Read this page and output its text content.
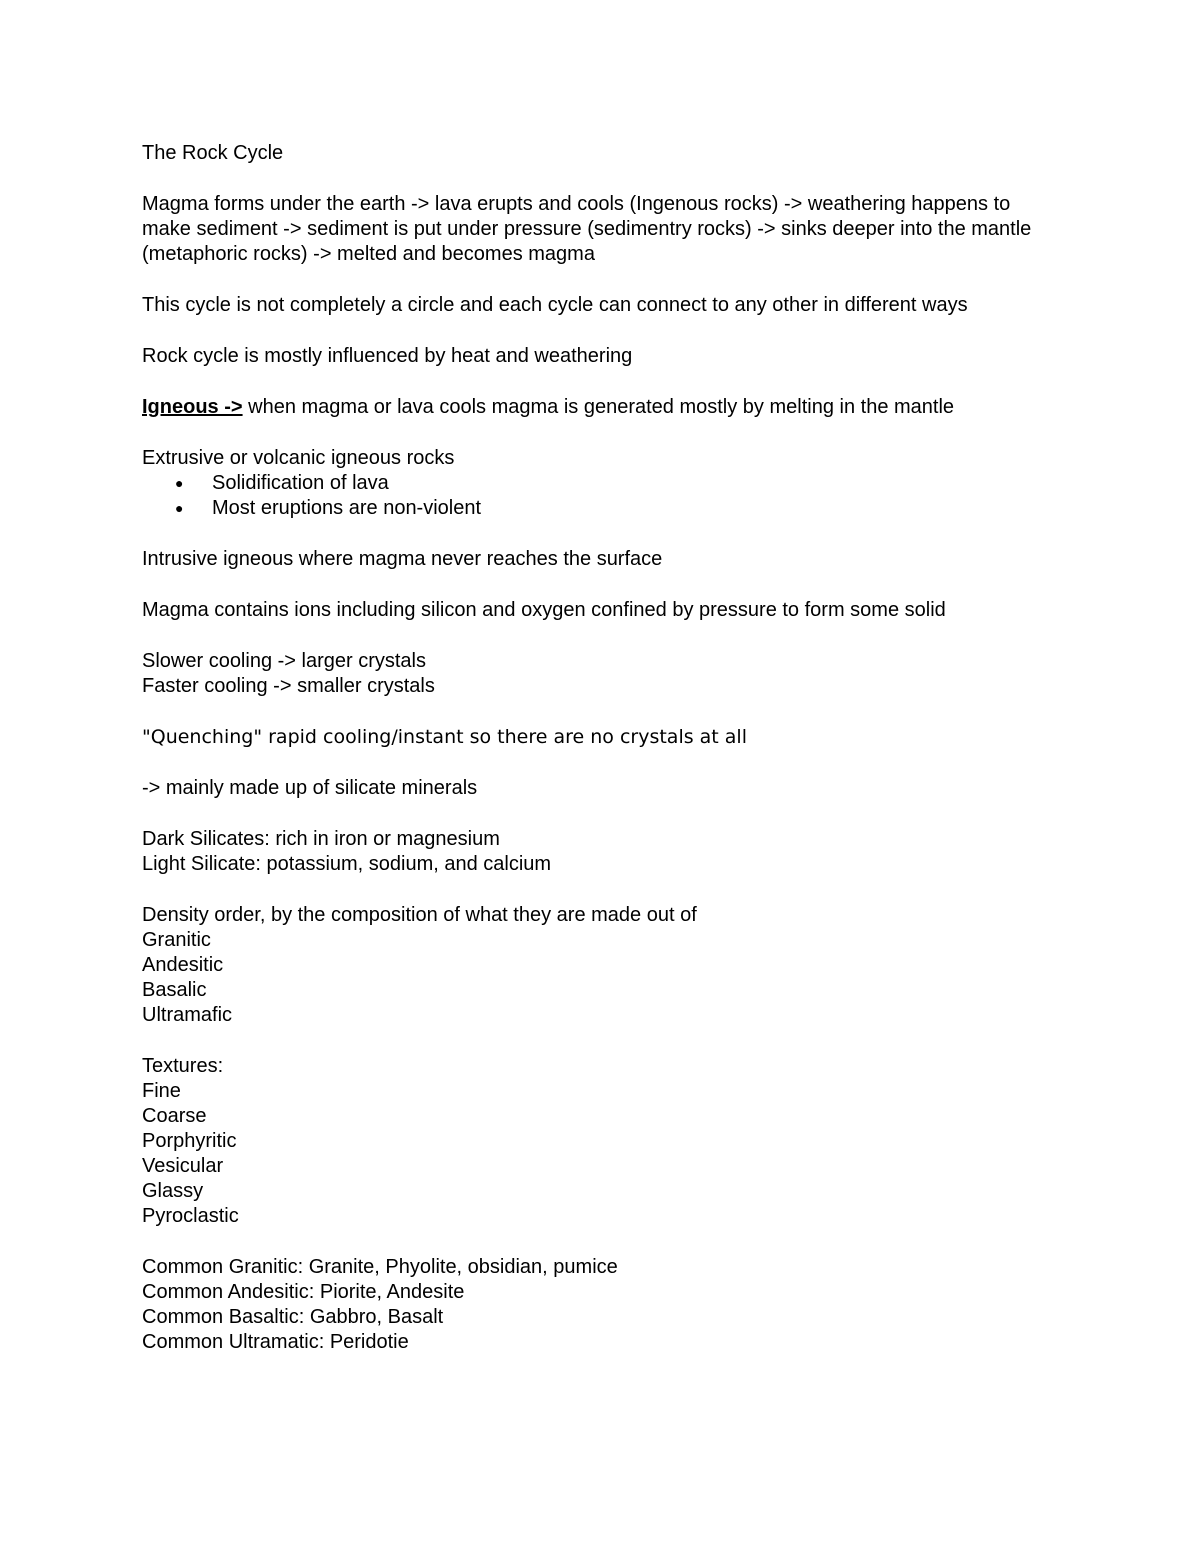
The Rock Cycle

Magma forms under the earth -> lava erupts and cools (Ingenous rocks) -> weathering happens to make sediment -> sediment is put under pressure (sedimentry rocks) -> sinks deeper into the mantle (metaphoric rocks) -> melted and becomes magma

This cycle is not completely a circle and each cycle can connect to any other in different ways

Rock cycle is mostly influenced by heat and weathering

Igneous -> when magma or lava cools magma is generated mostly by melting in the mantle

Extrusive or volcanic igneous rocks

● Solidification of lava
● Most eruptions are non-violent

Intrusive igneous where magma never reaches the surface

Magma contains ions including silicon and oxygen confined by pressure to form some solid

Slower cooling -> larger crystals
Faster cooling -> smaller crystals

"Quenching" rapid cooling/instant so there are no crystals at all

-> mainly made up of silicate minerals

Dark Silicates: rich in iron or magnesium
Light Silicate: potassium, sodium, and calcium
Density order, by the composition of what they are made out of
Granitic
Andesitic
Basalic
Ultramafic
Textures:
Fine
Coarse
Porphyritic
Vesicular
Glassy
Pyroclastic
Common Granitic: Granite, Phyolite, obsidian, pumice
Common Andesitic: Piorite, Andesite
Common Basaltic: Gabbro, Basalt
Common Ultramatic: Peridotie
